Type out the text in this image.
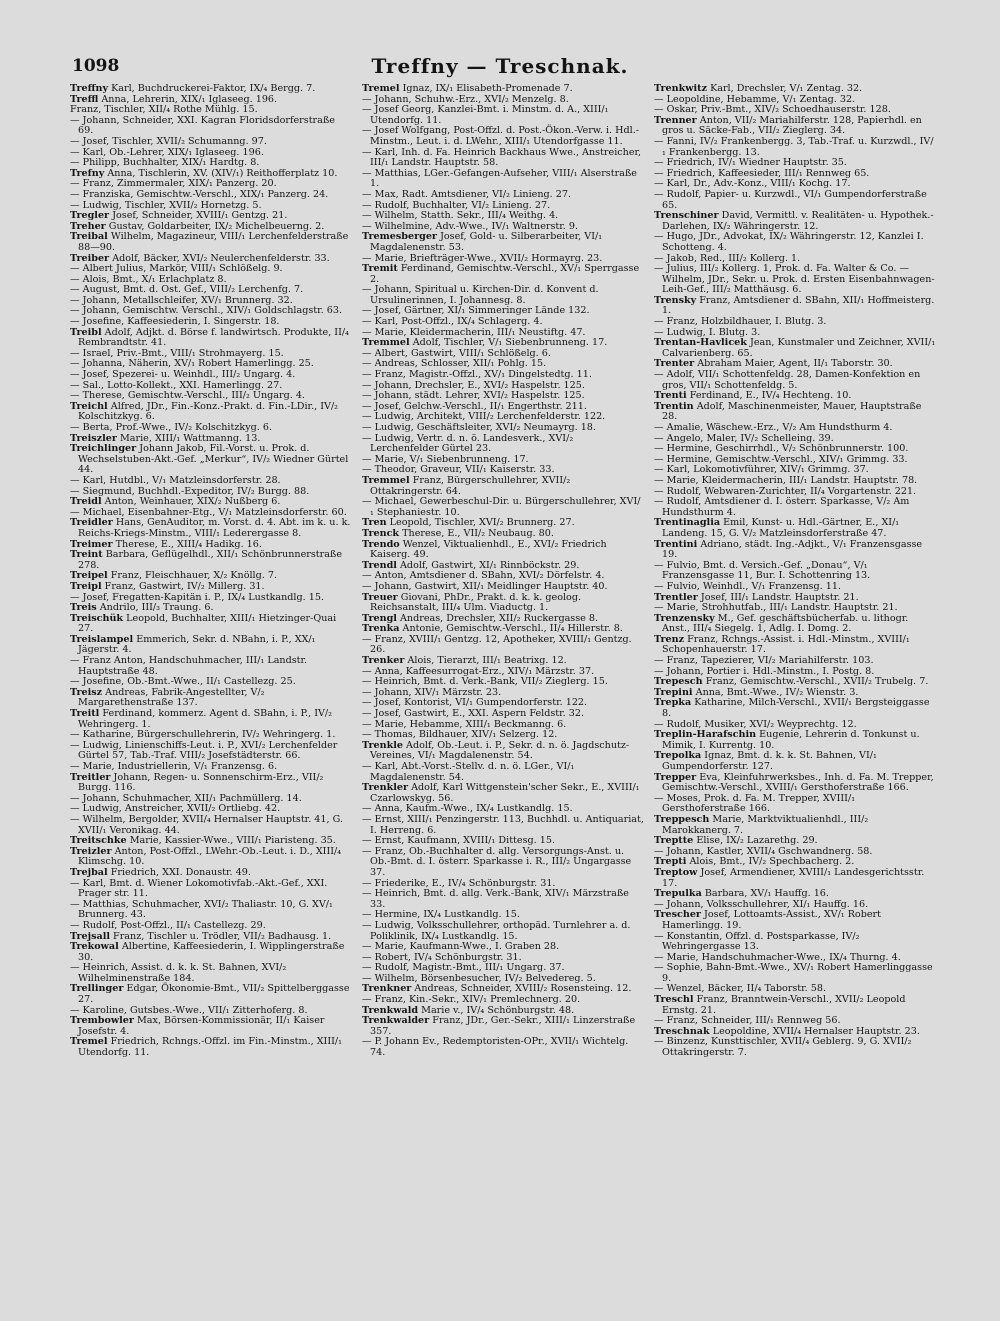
1098	Treffny — Treschnak.

Treffny Karl, Buchdruckerei-Faktor, IX/₄ Bergg. 7.

Treffl Anna, Lehrerin, XIX/₁ Iglaseeg. 196.

Franz, Tischler, XII/₄ Rothe Mühlg. 15.

— Johann, Schneider, XXI. Kagran Floridsdorferstraße 69.

— Josef, Tischler, XVII/₂ Schumanng. 97.

— Karl, Ob.-Lehrer, XIX/₁ Iglaseeg. 196.

— Philipp, Buchhalter, XIX/₁ Hardtg. 8.

Trefny Anna, Tischlerin, XV. (XIV/₁) Reithofferplatz 10.

— Franz, Zimmermaler, XIX/₁ Panzerg. 20.

— Franziska, Gemischtw.-Verschl., XIX/₁ Panzerg. 24.

— Ludwig, Tischler, XVII/₂ Hornetzg. 5.

Tregler Josef, Schneider, XVIII/₁ Gentzg. 21.

Treher Gustav, Goldarbeiter, IX/₂ Michelbeuerng. 2.

Treibal Wilhelm, Magazineur, VIII/₁ Lerchenfelderstraße 88—90.

Treiber Adolf, Bäcker, XVI/₂ Neulerchenfelderstr. 33.

— Albert Julius, Markör, VIII/₁ Schlößelg. 9.

— Alois, Bmt., X/₁ Erlachplatz 8.

— August, Bmt. d. Ost. Gef., VIII/₂ Lerchenfg. 7.

— Johann, Metallschleifer, XV/₁ Brunnerg. 32.

— Johann, Gemischtw. Verschl., XIV/₁ Goldschlagstr. 63.

— Josefine, Kaffeesiederin, I. Singerstr. 18.

Treibl Adolf, Adjkt. d. Börse f. landwirtsch. Produkte, II/₄ Rembrandtstr. 41.

— Israel, Priv.-Bmt., VIII/₁ Strohmayerg. 15.

— Johanna, Näherin, XV/₁ Robert Hamerlingg. 25.

— Josef, Spezerei- u. Weinhdl., III/₂ Ungarg. 4.

— Sal., Lotto-Kollekt., XXI. Hamerlingg. 27.

— Therese, Gemischtw.-Verschl., III/₂ Ungarg. 4.

Treichl Alfred, JDr., Fin.-Konz.-Prakt. d. Fin.-LDir., IV/₂ Kolschitzkyg. 6.

— Berta, Prof.-Wwe., IV/₂ Kolschitzkyg. 6.

Treiszler Marie, XIII/₁ Wattmanng. 13.

Treichlinger Johann Jakob, Fil.-Vorst. u. Prok. d. Wechselstuben-Akt.-Gef. „Merkur“, IV/₂ Wiedner Gürtel 44.

— Karl, Hutdbl., V/₁ Matzleinsdorferstr. 28.

— Siegmund, Buchhdl.-Expeditor, IV/₂ Burgg. 88.

Treidl Anton, Weinhauer, XIX/₂ Nußberg 6.

— Michael, Eisenbahner-Etg., V/₁ Matzleinsdorferstr. 60.

Treidler Hans, GenAuditor, m. Vorst. d. 4. Abt. im k. u. k. Reichs-Kriegs-Minstm., VIII/₁ Lederergasse 8.

Treimer Therese, E., XIII/₄ Hadikg. 16.

Treint Barbara, Geflügelhdl., XII/₁ Schönbrunnerstraße 278.

Treipel Franz, Fleischhauer, X/₂ Knöllg. 7.

Treipl Franz, Gastwirt, IV/₂ Millerg. 31.

— Josef, Fregatten-Kapitän i. P., IX/₄ Lustkandlg. 15.

Treis Andrilo, III/₃ Traung. 6.

Treischük Leopold, Buchhalter, XIII/₁ Hietzinger-Quai 27.

Treislampel Emmerich, Sekr. d. NBahn, i. P., XX/₁ Jägerstr. 4.

— Franz Anton, Handschuhmacher, III/₁ Landstr. Hauptstraße 48.

— Josefine, Ob.-Bmt.-Wwe., II/₁ Castellezg. 25.

Treisz Andreas, Fabrik-Angestellter, V/₂ Margarethenstraße 137.

Treitl Ferdinand, kommerz. Agent d. SBahn, i. P., IV/₂ Wehringerg. 1.

— Katharine, Bürgerschullehrerin, IV/₂ Wehringerg. 1.

— Ludwig, Linienschiffs-Leut. i. P., XVI/₂ Lerchenfelder Gürtel 57, Tab.-Traf. VIII/₂ Josefstädterstr. 66.

— Marie, Industriellerin, V/₁ Franzensg. 6.

Treitler Johann, Regen- u. Sonnenschirm-Erz., VII/₂ Burgg. 116.

— Johann, Schuhmacher, XII/₁ Pachmüllerg. 14.

— Ludwig, Anstreicher, XVII/₂ Ortliebg. 42.

— Wilhelm, Bergolder, XVII/₄ Hernalser Hauptstr. 41, G. XVII/₁ Veronikag. 44.

Treitschke Marie, Kassier-Wwe., VIII/₁ Piaristeng. 35.

Treizler Anton, Post-Offzl., LWehr.-Ob.-Leut. i. D., XIII/₄ Klimschg. 10.

Trejbal Friedrich, XXI. Donaustr. 49.

— Karl, Bmt. d. Wiener Lokomotivfab.-Akt.-Gef., XXI. Prager str. 11.

— Matthias, Schuhmacher, XVI/₂ Thaliastr. 10, G. XV/₁ Brunnerg. 43.

— Rudolf, Post-Offzl., II/₁ Castellezg. 29.

Trejsall Franz, Tischler u. Trödler, VII/₂ Badhausg. 1.

Trekowal Albertine, Kaffeesiederin, I. Wipplingerstraße 30.

— Heinrich, Assist. d. k. k. St. Bahnen, XVI/₂ Wilhelminenstraße 184.

Trellinger Edgar, Ökonomie-Bmt., VII/₂ Spittelberggasse 27.

— Karoline, Gutsbes.-Wwe., VII/₁ Zitterhoferg. 8.

Trembowler Max, Börsen-Kommissionär, II/₁ Kaiser Josefstr. 4.

Tremel Friedrich, Rchngs.-Offzl. im Fin.-Minstm., XIII/₁ Utendorfg. 11.

Tremel Ignaz, IX/₁ Elisabeth-Promenade 7.

— Johann, Schuhw.-Erz., XVI/₂ Menzelg. 8.

— Josef Georg, Kanzlei-Bmt. i. Minstm. d. A., XIII/₁ Utendorfg. 11.

— Josef Wolfgang, Post-Offzl. d. Post.-Ökon.-Verw. i. Hdl.-Minstm., Leut. i. d. LWehr., XIII/₁ Utendorfgasse 11.

— Karl, Inh. d. Fa. Heinrich Backhaus Wwe., Anstreicher, III/₁ Landstr. Hauptstr. 58.

— Matthias, LGer.-Gefangen-Aufseher, VIII/₁ Alserstraße 1.

— Max, Radt. Amtsdiener, VI/₂ Linieng. 27.

— Rudolf, Buchhalter, VI/₂ Linieng. 27.

— Wilhelm, Statth. Sekr., III/₄ Weithg. 4.

— Wilhelmine, Adv.-Wwe., IV/₁ Waltnerstr. 9.

Tremesberger Josef, Gold- u. Silberarbeiter, VI/₁ Magdalenenstr. 53.

— Marie, Briefträger-Wwe., XVII/₂ Hormayrg. 23.

Tremit Ferdinand, Gemischtw.-Verschl., XV/₁ Sperrgasse 2.

— Johann, Spiritual u. Kirchen-Dir. d. Konvent d. Ursulinerinnen, I. Johannesg. 8.

— Josef, Gärtner, XI/₁ Simmeringer Lände 132.

— Karl, Post-Offzl., IX/₄ Schlagerg. 4.

— Marie, Kleidermacherin, III/₁ Neustiftg. 47.

Tremmel Adolf, Tischler, V/₁ Siebenbrunneng. 17.

— Albert, Gastwirt, VIII/₁ Schlößelg. 6.

— Andreas, Schlosser, XII/₁ Pohlg. 15.

— Franz, Magistr.-Offzl., XV/₁ Dingelstedtg. 11.

— Johann, Drechsler, E., XVI/₂ Haspelstr. 125.

— Johann, städt. Lehrer, XVI/₂ Haspelstr. 125.

— Josef, Gelchw.-Verschl., II/₁ Engerthstr. 211.

— Ludwig, Architekt, VIII/₂ Lerchenfelderstr. 122.

— Ludwig, Geschäftsleiter, XVI/₂ Neumayrg. 18.

— Ludwig, Vertr. d. n. ö. Landesverk., XVI/₂ Lerchenfelder Gürtel 23.

— Marie, V/₁ Siebenbrunneng. 17.

— Theodor, Graveur, VII/₁ Kaiserstr. 33.

Tremmel Franz, Bürgerschullehrer, XVII/₂ Ottakringerstr. 64.

— Michael, Gewerbeschul-Dir. u. Bürgerschullehrer, XVI/₁ Stephaniestr. 10.

Tren Leopold, Tischler, XVI/₂ Brunnerg. 27.

Trenck Therese, E., VII/₂ Neubaug. 80.

Trendo Wenzel, Viktualienhdl., E., XVI/₂ Friedrich Kaiserg. 49.

Trendl Adolf, Gastwirt, XI/₁ Rinnböckstr. 29.

— Anton, Amtsdiener d. SBahn, XVI/₂ Dörfelstr. 4.

— Johann, Gastwirt, XII/₁ Meidlinger Hauptstr. 40.

Treuer Giovani, PhDr., Prakt. d. k. k. geolog. Reichsanstalt, III/₄ Ulm. Viaductg. 1.

Trengl Andreas, Drechsler, XII/₂ Ruckergasse 8.

Trenka Antonie, Gemischtw.-Verschl., II/₄ Hillerstr. 8.

— Franz, XVIII/₁ Gentzg. 12, Apotheker, XVIII/₁ Gentzg. 26.

Trenker Alois, Tierarzt, III/₁ Beatrixg. 12.

— Anna, Kaffeesurrogat-Erz., XIV/₁ Märzstr. 37.

— Heinrich, Bmt. d. Verk.-Bank, VII/₂ Zieglerg. 15.

— Johann, XIV/₁ Märzstr. 23.

— Josef, Kontorist, VI/₁ Gumpendorferstr. 122.

— Josef, Gastwirt, E., XXI. Aspern Feldstr. 32.

— Marie, Hebamme, XIII/₁ Beckmanng. 6.

— Thomas, Bildhauer, XIV/₁ Selzerg. 12.

Trenkle Adolf, Ob.-Leut. i. P., Sekr. d. n. ö. Jagdschutz-Vereines, VI/₁ Magdalenenstr. 54.

— Karl, Abt.-Vorst.-Stellv. d. n. ö. LGer., VI/₁ Magdalenenstr. 54.

Trenkler Adolf, Karl Wittgenstein'scher Sekr., E., XVIII/₁ Czarlowskyg. 56.

— Anna, Kaufm.-Wwe., IX/₄ Lustkandlg. 15.

— Ernst, XIII/₁ Penzingerstr. 113, Buchhdl. u. Antiquariat, I. Herreng. 6.

— Ernst, Kaufmann, XVIII/₁ Dittesg. 15.

— Franz, Ob.-Buchhalter d. allg. Versorgungs-Anst. u. Ob.-Bmt. d. I. österr. Sparkasse i. R., III/₂ Ungargasse 37.

— Friederike, E., IV/₄ Schönburgstr. 31.

— Heinrich, Bmt. d. allg. Verk.-Bank, XIV/₁ Märzstraße 33.

— Hermine, IX/₄ Lustkandlg. 15.

— Ludwig, Volksschullehrer, orthopäd. Turnlehrer a. d. Poliklinik, IX/₄ Lustkandlg. 15.

— Marie, Kaufmann-Wwe., I. Graben 28.

— Robert, IV/₄ Schönburgstr. 31.

— Rudolf, Magistr.-Bmt., III/₁ Ungarg. 37.

— Wilhelm, Börsenbesucher, IV/₂ Belvedereg. 5.

Trenkner Andreas, Schneider, XVIII/₂ Rosensteing. 12.

— Franz, Kin.-Sekr., XIV/₁ Premlechnerg. 20.

Trenkwald Marie v., IV/₄ Schönburgstr. 48.

Trenkwalder Franz, JDr., Ger.-Sekr., XIII/₁ Linzerstraße 357.

— P. Johann Ev., Redemptoristen-OPr., XVII/₁ Wichtelg. 74.

Trenkwitz Karl, Drechsler, V/₁ Zentag. 32.

— Leopoldine, Hebamme, V/₁ Zentag. 32.

— Oskar, Priv.-Bmt., XIV/₂ Schoedhauserstr. 128.

Trenner Anton, VII/₂ Mariahilferstr. 128, Papierhdl. en gros u. Säcke-Fab., VII/₂ Zieglerg. 34.

— Fanni, IV/₂ Frankenbergg. 3, Tab.-Traf. u. Kurzwdl., IV/₁ Frankenbergg. 13.

— Friedrich, IV/₁ Wiedner Hauptstr. 35.

— Friedrich, Kaffeesieder, III/₁ Rennweg 65.

— Karl, Dr., Adv.-Konz., VIII/₁ Kochg. 17.

— Rudolf, Papier- u. Kurzwdl., VI/₁ Gumpendorferstraße 65.

Trenschiner David, Vermittl. v. Realitäten- u. Hypothek.-Darlehen, IX/₂ Währingerstr. 12.

— Hugo, JDr., Advokat, IX/₂ Währingerstr. 12, Kanzlei I. Schotteng. 4.

— Jakob, Red., III/₂ Kollerg. 1.

— Julius, III/₂ Kollerg. 1, Prok. d. Fa. Walter & Co. — Wilhelm, JDr., Sekr. u. Prok. d. Ersten Eisenbahnwagen-Leih-Gef., III/₂ Matthäusg. 6.

Trensky Franz, Amtsdiener d. SBahn, XII/₁ Hoffmeisterg. 1.

— Franz, Holzbildhauer, I. Blutg. 3.

— Ludwig, I. Blutg. 3.

Trentan-Havlicek Jean, Kunstmaler und Zeichner, XVII/₁ Calvarienberg. 65.

Trenter Abraham Maier, Agent, II/₁ Taborstr. 30.

— Adolf, VII/₁ Schottenfeldg. 28, Damen-Konfektion en gros, VII/₁ Schottenfeldg. 5.

Trenti Ferdinand, E., IV/₄ Hechteng. 10.

Trentin Adolf, Maschinenmeister, Mauer, Hauptstraße 28.

— Amalie, Wäschew.-Erz., V/₂ Am Hundsthurm 4.

— Angelo, Maler, IV/₂ Schelleing. 39.

— Hermine, Geschirrhdl., V/₂ Schönbrunnerstr. 100.

— Hermine, Gemischtw.-Verschl., XIV/₁ Grimmg. 33.

— Karl, Lokomotivführer, XIV/₁ Grimmg. 37.

— Marie, Kleidermacherin, III/₁ Landstr. Hauptstr. 78.

— Rudolf, Webwaren-Zurichter, II/₄ Vorgartenstr. 221.

— Rudolf, Amtsdiener d. I. österr. Sparkasse, V/₂ Am Hundsthurm 4.

Trentinaglia Emil, Kunst- u. Hdl.-Gärtner, E., XI/₁ Landeng. 15, G. V/₂ Matzleinsdorferstraße 47.

Trentini Adriano, städt. Ing.-Adjkt., V/₁ Franzensgasse 19.

— Fulvio, Bmt. d. Versich.-Gef. „Donau“, V/₁ Franzensgasse 11, Bur. I. Schottenring 13.

— Fulvio, Weinhdl., V/₁ Franzensg. 11.

Trentler Josef, III/₁ Landstr. Hauptstr. 21.

— Marie, Strohhutfab., III/₁ Landstr. Hauptstr. 21.

Trenzensky M., Gef. geschäftsbücherfab. u. lithogr. Anst., III/₄ Siegelg. 1, Adlg. I. Domg. 2.

Trenz Franz, Rchngs.-Assist. i. Hdl.-Minstm., XVIII/₁ Schopenhauerstr. 17.

— Franz, Tapezierer, VI/₂ Mariahilferstr. 103.

— Johann, Portier i. Hdl.-Minstm., I. Postg. 8.

Trepesch Franz, Gemischtw.-Verschl., XVII/₂ Trubelg. 7.

Trepini Anna, Bmt.-Wwe., IV/₂ Wienstr. 3.

Trepka Katharine, Milch-Verschl., XVII/₁ Bergsteiggasse 8.

— Rudolf, Musiker, XVI/₂ Weyprechtg. 12.

Treplin-Harafschin Eugenie, Lehrerin d. Tonkunst u. Mimik, I. Kurrentg. 10.

Trepolka Ignaz, Bmt. d. k. k. St. Bahnen, VI/₁ Gumpendorferstr. 127.

Trepper Eva, Kleinfuhrwerksbes., Inh. d. Fa. M. Trepper, Gemischtw.-Verschl., XVIII/₁ Gersthoferstraße 166.

— Moses, Prok. d. Fa. M. Trepper, XVIII/₁ Gersthoferstraße 166.

Treppesch Marie, Marktviktualienhdl., III/₂ Marokkanerg. 7.

Treptte Elise, IX/₂ Lazarethg. 29.

— Johann, Kastler, XVII/₄ Gschwandnerg. 58.

Trepti Alois, Bmt., IV/₂ Spechbacherg. 2.

Treptow Josef, Armendiener, XVIII/₁ Landesgerichtsstr. 17.

Trepulka Barbara, XV/₁ Hauffg. 16.

— Johann, Volksschullehrer, XI/₁ Hauffg. 16.

Trescher Josef, Lottoamts-Assist., XV/₁ Robert Hamerlingg. 19.

— Konstantin, Offzl. d. Postsparkasse, IV/₂ Wehringergasse 13.

— Marie, Handschuhmacher-Wwe., IX/₄ Thurng. 4.

— Sophie, Bahn-Bmt.-Wwe., XV/₁ Robert Hamerlinggasse 9.

— Wenzel, Bäcker, II/₄ Taborstr. 58.

Treschl Franz, Branntwein-Verschl., XVII/₂ Leopold Ernstg. 21.

— Franz, Schneider, III/₁ Rennweg 56.

Treschnak Leopoldine, XVII/₄ Hernalser Hauptstr. 23.

— Binzenz, Kunsttischler, XVII/₄ Geblerg. 9, G. XVII/₂ Ottakringerstr. 7.
